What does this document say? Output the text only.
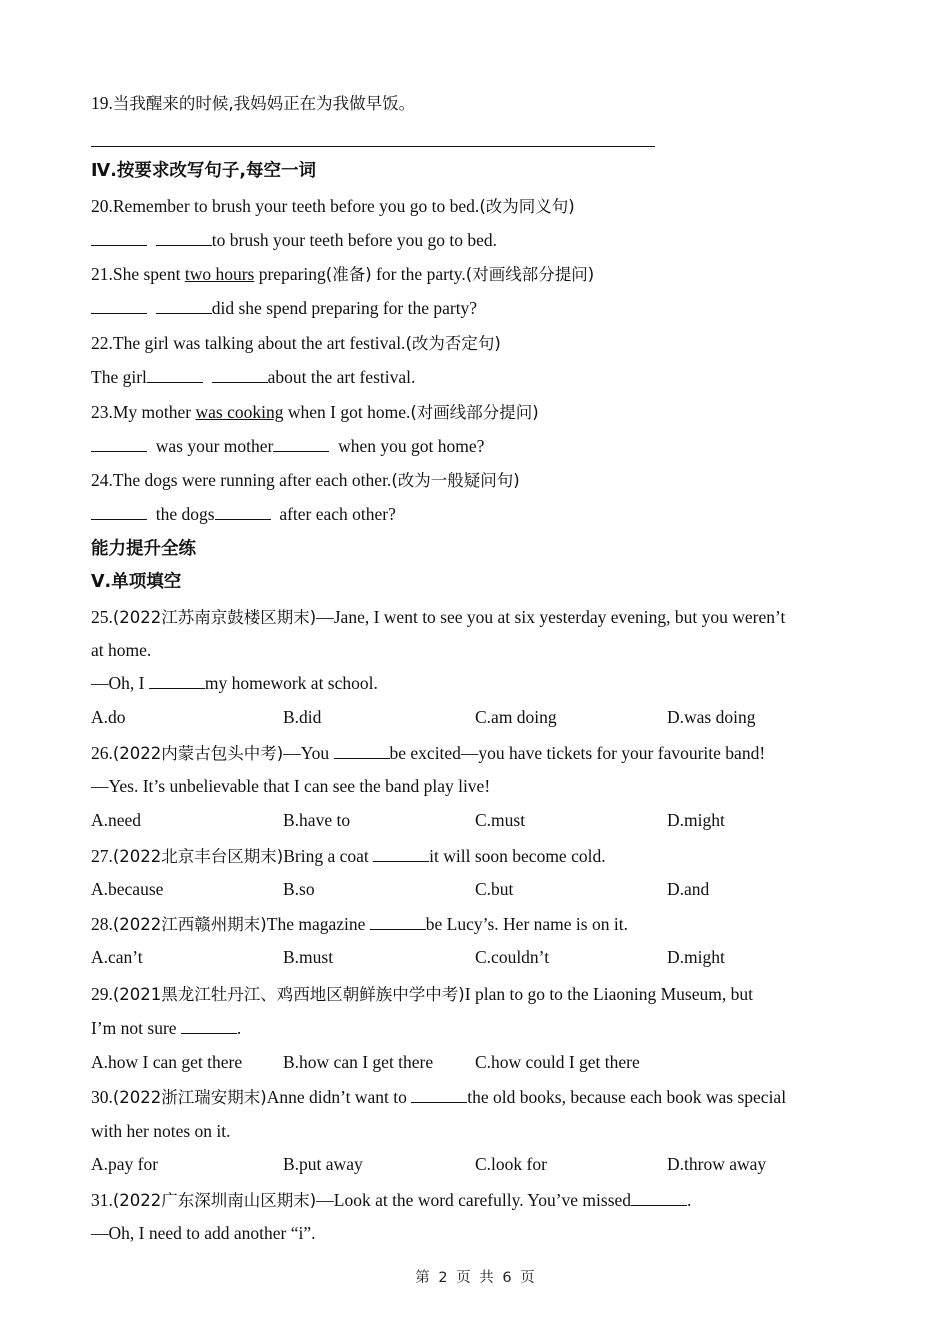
19.当我醒来的时候,我妈妈正在为我做早饭。
Ⅳ.按要求改写句子,每空一词
20.Remember to brush your teeth before you go to bed.(改为同义句)
to brush your teeth before you go to bed.
21.She spent two hours preparing(准备) for the party.(对画线部分提问)
did she spend preparing for the party?
22.The girl was talking about the art festival.(改为否定句)
The girl	about the art festival.
23.My mother was cooking when I got home.(对画线部分提问)
was your mother	when you got home?
24.The dogs were running after each other.(改为一般疑问句)
the dogs	after each other?
能力提升全练
Ⅴ.单项填空
25.(2022江苏南京鼓楼区期末)—Jane, I went to see you at six yesterday evening, but you weren’t
at home.
—Oh, I	my homework at school.
A.do	B.did	C.am doing	D.was doing
26.(2022内蒙古包头中考)—You	be excited—you have tickets for your favourite band!
—Yes. It’s unbelievable that I can see the band play live!
A.need	B.have to	C.must	D.might
27.(2022北京丰台区期末)Bring a coat	it will soon become cold.
A.because	B.so	C.but	D.and
28.(2022江西赣州期末)The magazine	be Lucy’s. Her name is on it.
A.can’t	B.must	C.couldn’t	D.might
29.(2021黑龙江牡丹江、鸡西地区朝鲜族中学中考)I plan to go to the Liaoning Museum, but
I’m not sure	.
A.how I can get there B.how can I get there C.how could I get there
30.(2022浙江瑞安期末)Anne didn’t want to	the old books, because each book was special
with her notes on it.
A.pay for	B.put away	C.look for	D.throw away
31.(2022广东深圳南山区期末)—Look at the word carefully. You’ve missed	.
—Oh, I need to add another “i”.
第 2 页 共 6 页
